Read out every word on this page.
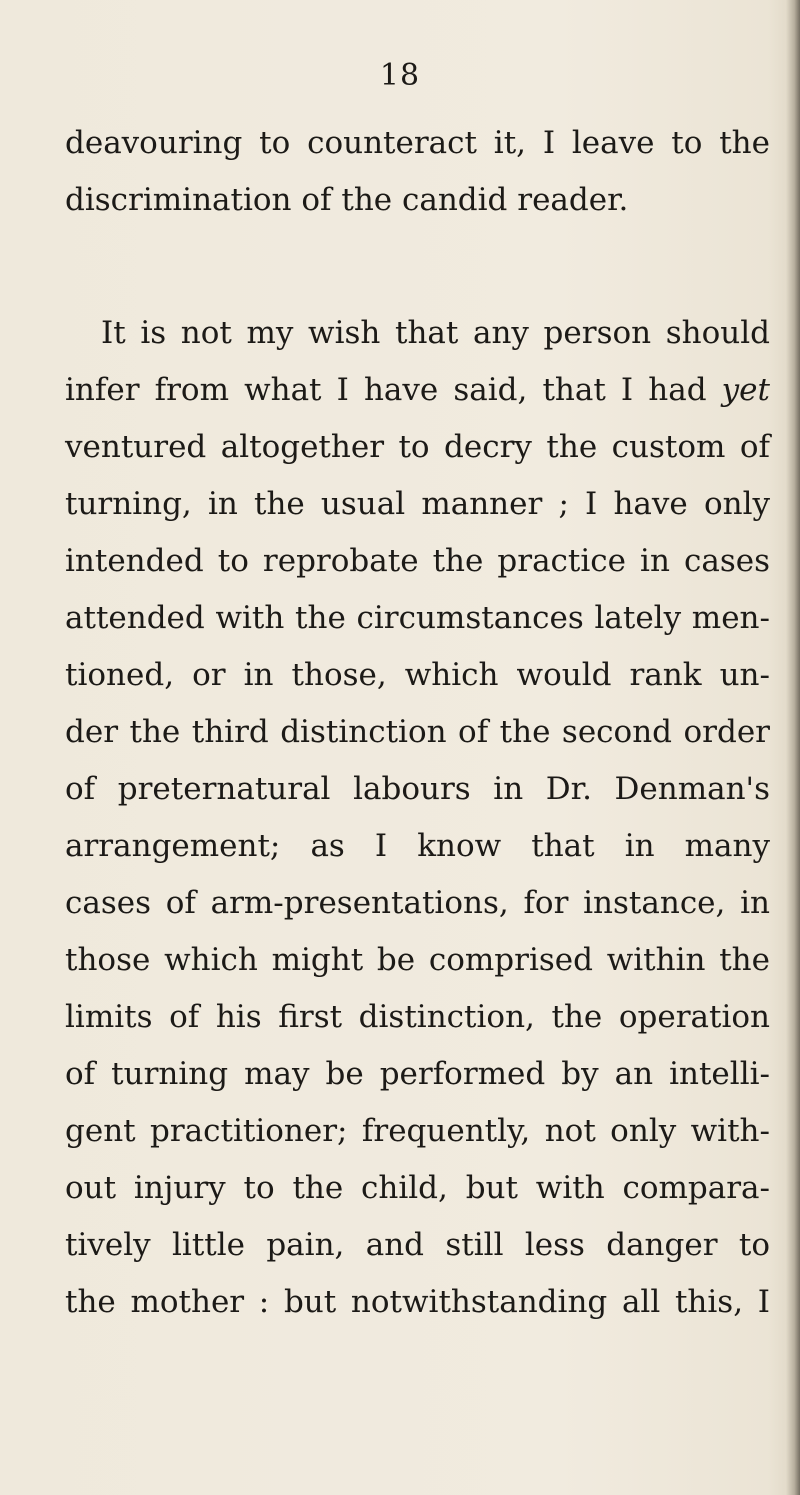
18
deavouring to counteract it, I leave to the
discrimination of the candid reader.
It is not my wish that any person should
infer from what I have said, that I had yet
ventured altogether to decry the custom of
turning, in the usual manner ; I have only
intended to reprobate the practice in cases
attended with the circumstances lately men-
tioned, or in those, which would rank un-
der the third distinction of the second order
of preternatural labours in Dr. Denman's
arrangement; as I know that in many
cases of arm-presentations, for instance, in
those which might be comprised within the
limits of his first distinction, the operation
of turning may be performed by an intelli-
gent practitioner; frequently, not only with-
out injury to the child, but with compara-
tively little pain, and still less danger to
the mother : but notwithstanding all this, I
